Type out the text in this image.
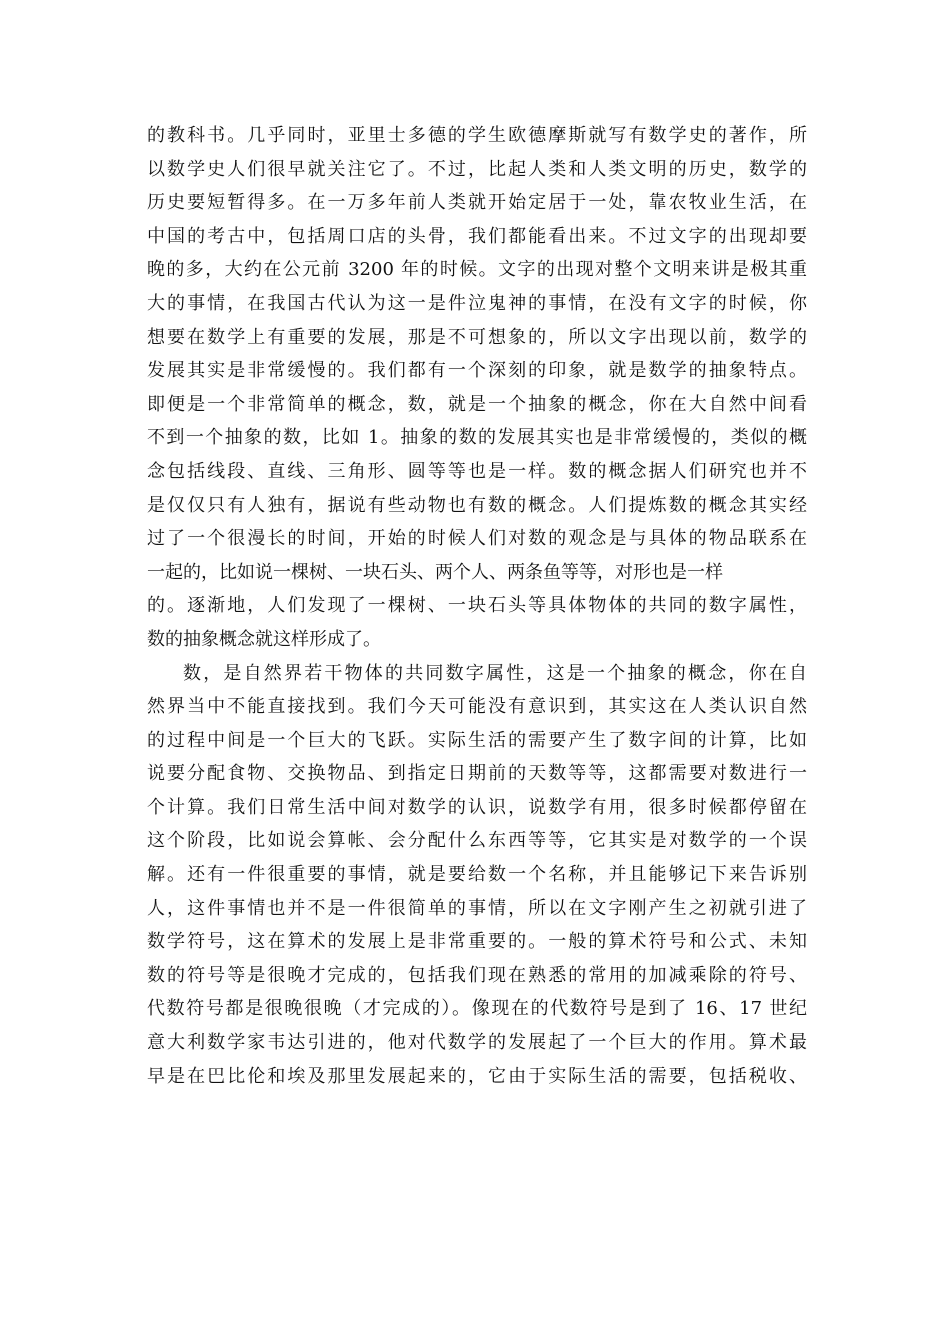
的教科书。几乎同时，亚里士多德的学生欧德摩斯就写有数学史的著作，所
以数学史人们很早就关注它了。不过，比起人类和人类文明的历史，数学的
历史要短暂得多。在一万多年前人类就开始定居于一处，靠农牧业生活，在
中国的考古中，包括周口店的头骨，我们都能看出来。不过文字的出现却要
晚的多，大约在公元前 3200 年的时候。文字的出现对整个文明来讲是极其重
大的事情，在我国古代认为这一是件泣鬼神的事情，在没有文字的时候，你
想要在数学上有重要的发展，那是不可想象的，所以文字出现以前，数学的
发展其实是非常缓慢的。我们都有一个深刻的印象，就是数学的抽象特点。
即便是一个非常简单的概念，数，就是一个抽象的概念，你在大自然中间看
不到一个抽象的数，比如 1。抽象的数的发展其实也是非常缓慢的，类似的概
念包括线段、直线、三角形、圆等等也是一样。数的概念据人们研究也并不
是仅仅只有人独有，据说有些动物也有数的概念。人们提炼数的概念其实经
过了一个很漫长的时间，开始的时候人们对数的观念是与具体的物品联系在
一起的，比如说一棵树、一块石头、两个人、两条鱼等等，对形也是一样
的。逐渐地，人们发现了一棵树、一块石头等具体物体的共同的数字属性，
数的抽象概念就这样形成了。
数，是自然界若干物体的共同数字属性，这是一个抽象的概念，你在自
然界当中不能直接找到。我们今天可能没有意识到，其实这在人类认识自然
的过程中间是一个巨大的飞跃。实际生活的需要产生了数字间的计算，比如
说要分配食物、交换物品、到指定日期前的天数等等，这都需要对数进行一
个计算。我们日常生活中间对数学的认识，说数学有用，很多时候都停留在
这个阶段，比如说会算帐、会分配什么东西等等，它其实是对数学的一个误
解。还有一件很重要的事情，就是要给数一个名称，并且能够记下来告诉别
人，这件事情也并不是一件很简单的事情，所以在文字刚产生之初就引进了
数学符号，这在算术的发展上是非常重要的。一般的算术符号和公式、未知
数的符号等是很晚才完成的，包括我们现在熟悉的常用的加减乘除的符号、
代数符号都是很晚很晚（才完成的）。像现在的代数符号是到了 16、17 世纪
意大利数学家韦达引进的，他对代数学的发展起了一个巨大的作用。算术最
早是在巴比伦和埃及那里发展起来的，它由于实际生活的需要，包括税收、
